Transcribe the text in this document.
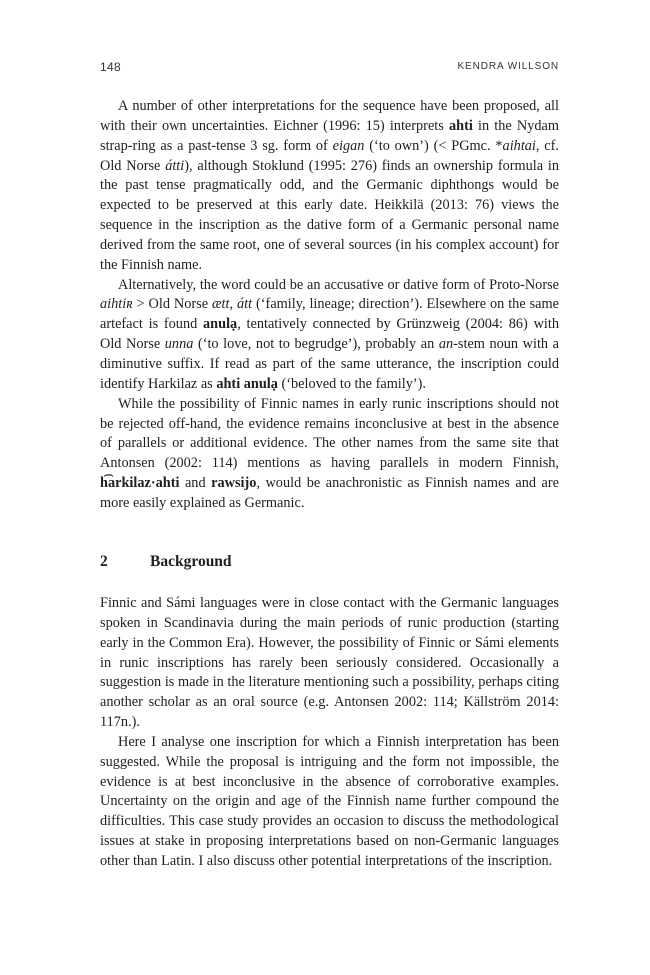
148	KENDRA WILLSON

A number of other interpretations for the sequence have been proposed, all with their own uncertainties. Eichner (1996: 15) interprets ahti in the Nydam strap-ring as a past-tense 3 sg. form of eigan (‘to own’) (< PGmc. *aihtai, cf. Old Norse átti), although Stoklund (1995: 276) finds an ownership formula in the past tense pragmatically odd, and the Germanic diphthongs would be expected to be preserved at this early date. Heikkilä (2013: 76) views the sequence in the inscription as the dative form of a Germanic personal name derived from the same root, one of several sources (in his complex account) for the Finnish name.

Alternatively, the word could be an accusative or dative form of Proto-Norse aihtiʀ > Old Norse ætt, átt (‘family, lineage; direction’). Elsewhere on the same artefact is found anulạ, tentatively connected by Grünzweig (2004: 86) with Old Norse unna (‘to love, not to begrudge’), probably an an-stem noun with a diminutive suffix. If read as part of the same utterance, the inscription could identify Harkilaz as ahti anulạ (‘beloved to the family’).

While the possibility of Finnic names in early runic inscriptions should not be rejected off-hand, the evidence remains inconclusive at best in the absence of parallels or additional evidence. The other names from the same site that Antonsen (2002: 114) mentions as having parallels in modern Finnish, h͡arkilaz·ahti and rawsijo, would be anachronistic as Finnish names and are more easily explained as Germanic.

2	Background

Finnic and Sámi languages were in close contact with the Germanic languages spoken in Scandinavia during the main periods of runic production (starting early in the Common Era). However, the possibility of Finnic or Sámi elements in runic inscriptions has rarely been seriously considered. Occasionally a suggestion is made in the literature mentioning such a possibility, perhaps citing another scholar as an oral source (e.g. Antonsen 2002: 114; Källström 2014: 117n.).

Here I analyse one inscription for which a Finnish interpretation has been suggested. While the proposal is intriguing and the form not impossible, the evidence is at best inconclusive in the absence of corroborative examples. Uncertainty on the origin and age of the Finnish name further compound the difficulties. This case study provides an occasion to discuss the methodological issues at stake in proposing interpretations based on non-Germanic languages other than Latin. I also discuss other potential interpretations of the inscription.
